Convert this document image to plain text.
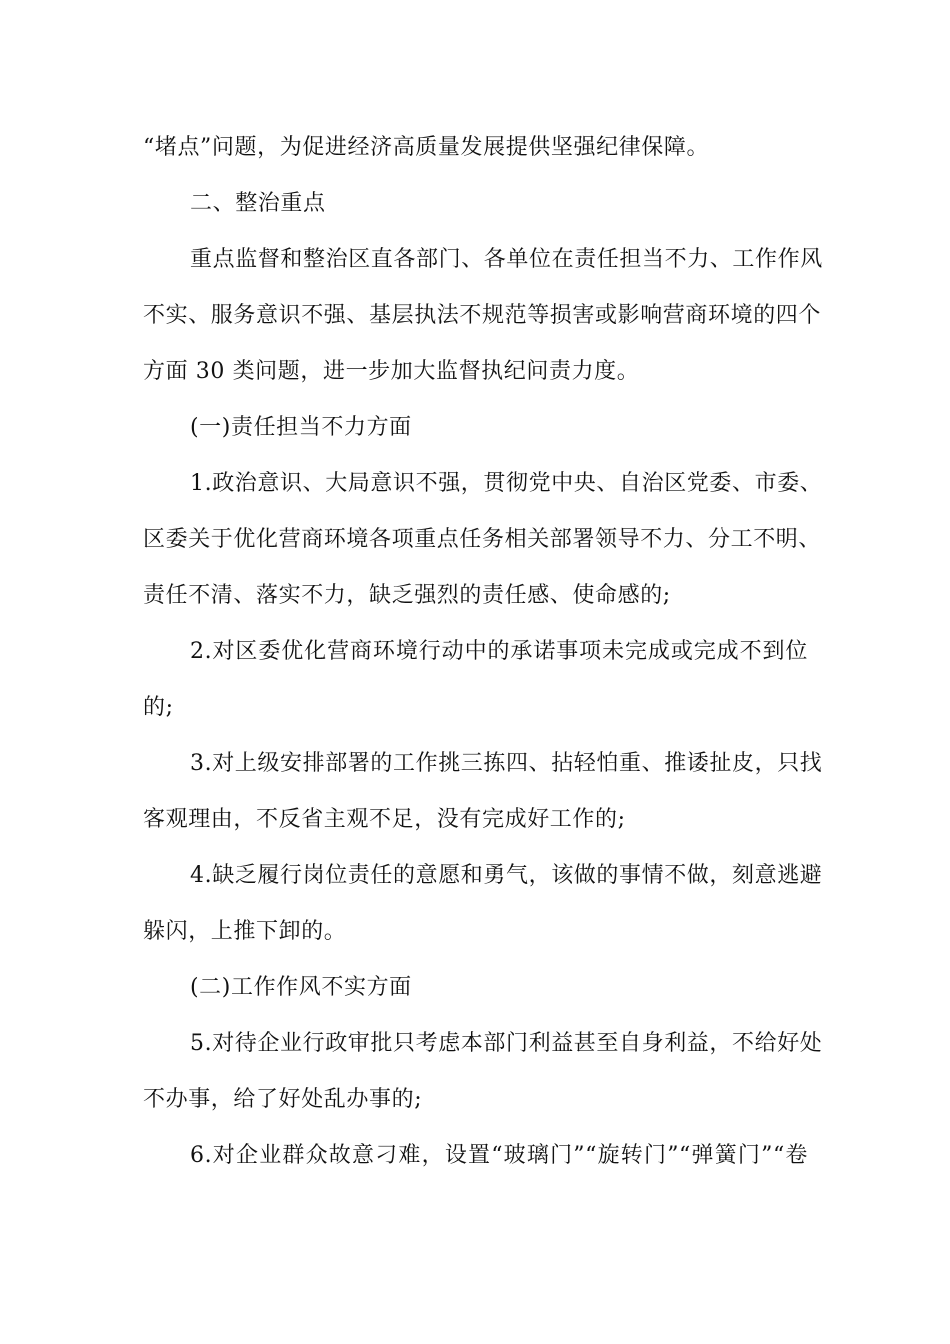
“堵点”问题，为促进经济高质量发展提供坚强纪律保障。
二、整治重点
重点监督和整治区直各部门、各单位在责任担当不力、工作作风
不实、服务意识不强、基层执法不规范等损害或影响营商环境的四个
方面 30 类问题，进一步加大监督执纪问责力度。
(一)责任担当不力方面
1.政治意识、大局意识不强，贯彻党中央、自治区党委、市委、
区委关于优化营商环境各项重点任务相关部署领导不力、分工不明、
责任不清、落实不力，缺乏强烈的责任感、使命感的;
2.对区委优化营商环境行动中的承诺事项未完成或完成不到位
的;
3.对上级安排部署的工作挑三拣四、拈轻怕重、推诿扯皮，只找
客观理由，不反省主观不足，没有完成好工作的;
4.缺乏履行岗位责任的意愿和勇气，该做的事情不做，刻意逃避
躲闪，上推下卸的。
(二)工作作风不实方面
5.对待企业行政审批只考虑本部门利益甚至自身利益，不给好处
不办事，给了好处乱办事的;
6.对企业群众故意刁难，设置“玻璃门”“旋转门”“弹簧门”“卷
